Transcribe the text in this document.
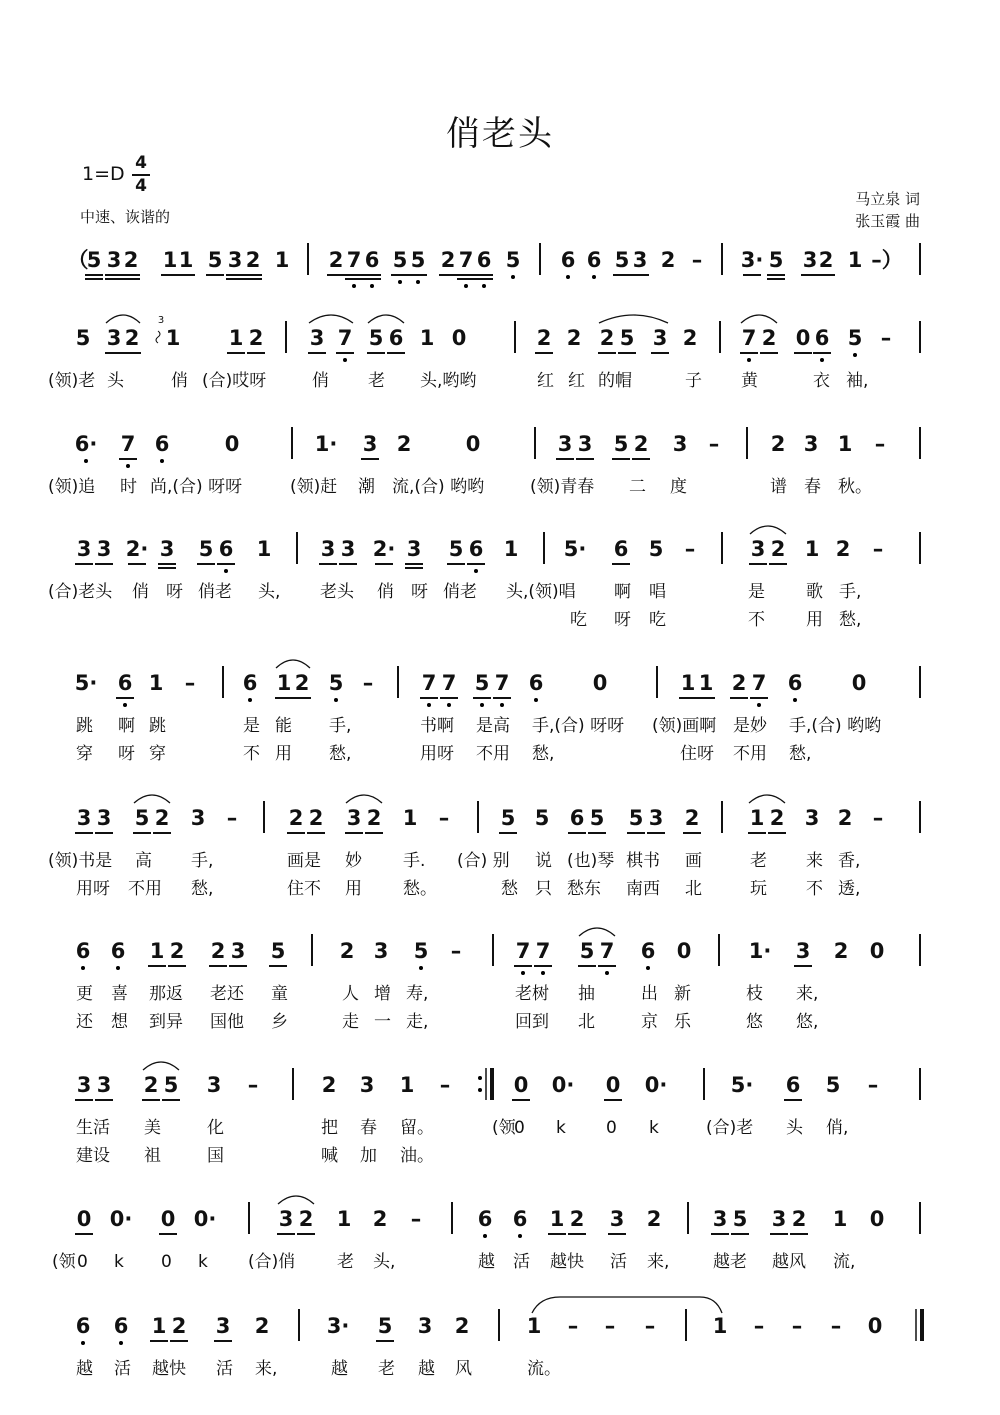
俏老头
1=D 4
4
中速、诙谐的
马立泉 词
张玉霞 曲
（
5 3 2 1 1 5 3 2 1 2 7 6 5 5 2 7 6 5 6 6 5 3 2 – 3· 5 3 2 1 –）
5 3 2 1 1 2 3 7 5 6 1 0	2 2 2 5 3 2 7 2 0 6 5 –
(领)老 头	俏 (合)哎呀	俏 老 头,哟哟	红 红 的帽	子 黄	衣 袖,
6· 7 6	0	1· 3 2	0	3 3 5 2 3 – 2 3 1 –
(领)追 时 尚,(合) 呀呀	(领)赶 潮 流,(合) 哟哟	(领)青春 二 度	谱 春 秋。
3 3 2· 3 5 6 1 3 3 2· 3 5 6 1 5· 6 5 –	3 2 1 2 –
(合)老头 俏 呀 俏老 头, 老头 俏 呀 俏老 头,(领)唱 啊 唱	是 歌 手,
吃 呀 吃	不 用 愁,
5· 6 1 – 6 1 2 5 – 7 7 5 7 6 0	1 1 2 7 6 0
跳 啊 跳	是 能 手,	书啊 是高 手,(合) 呀呀 (领)画啊 是妙 手,(合) 哟哟
穿 呀 穿	不 用 愁,	用呀 不用 愁,	住呀 不用 愁,
3 3 5 2 3 – 2 2 3 2 1 – 5 5 6 5 5 3 2 1 2 3 2 –
(领)书是 高 手,	画是 妙 手. (合) 别 说 (也)琴 棋书 画	老 来 香,
用呀 不用 愁,	住不 用 愁。	愁 只 愁东 南西 北	玩 不 透,
6 6 1 2 2 3 5	2 3 5 –	7 7 5 7 6 0	1· 3 2 0
更 喜 那返 老还 童	人 增 寿,	老树 抽	出 新	枝 来,
还 想 到异 国他 乡	走 一 走,	回到 北	京 乐	悠 悠,
3 3 2 5 3 –	2 3 1 –	0 0· 0 0·	5· 6 5 –
生活 美	化	把 春 留。	(领
0 k 0 k	(合)老 头 俏,
建设 祖	国	喊 加 油。
0 0· 0 0·	3 2 1 2 –	6 6 1 2 3 2 3 5 3 2 1 0
(领 0 k 0 k (合)俏 老 头,	越 活 越快 活 来,	越老 越风 流,
6 6 1 2 3 2	3· 5 3 2	1 – – –	1 – – – 0
越 活 越快 活 来,	越 老 越 风	流。
3
